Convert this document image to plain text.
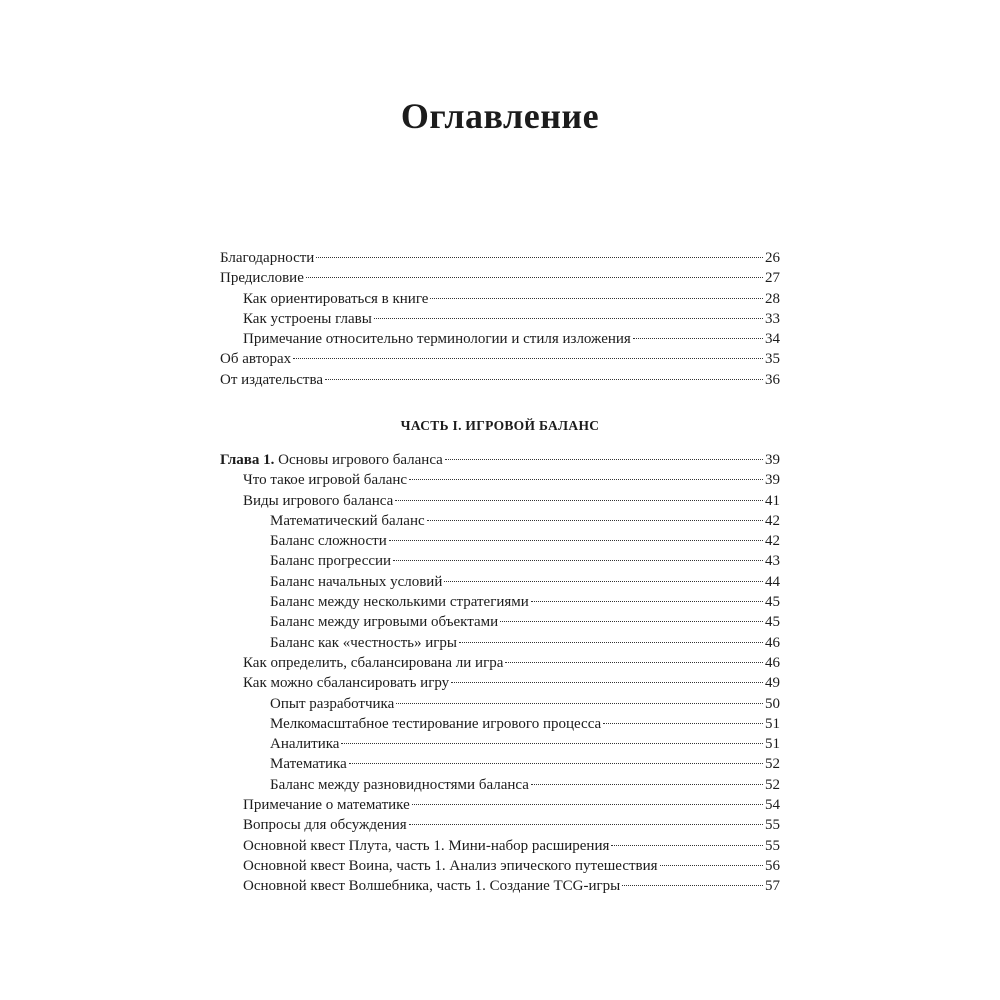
Оглавление
Благодарности	26
Предисловие	27
Как ориентироваться в книге	28
Как устроены главы	33
Примечание относительно терминологии и стиля изложения	34
Об авторах	35
От издательства	36
ЧАСТЬ I. ИГРОВОЙ БАЛАНС
Глава 1. Основы игрового баланса	39
Что такое игровой баланс	39
Виды игрового баланса	41
Математический баланс	42
Баланс сложности	42
Баланс прогрессии	43
Баланс начальных условий	44
Баланс между несколькими стратегиями	45
Баланс между игровыми объектами	45
Баланс как «честность» игры	46
Как определить, сбалансирована ли игра	46
Как можно сбалансировать игру	49
Опыт разработчика	50
Мелкомасштабное тестирование игрового процесса	51
Аналитика	51
Математика	52
Баланс между разновидностями баланса	52
Примечание о математике	54
Вопросы для обсуждения	55
Основной квест Плута, часть 1. Мини-набор расширения	55
Основной квест Воина, часть 1. Анализ эпического путешествия	56
Основной квест Волшебника, часть 1. Создание TCG-игры	57
